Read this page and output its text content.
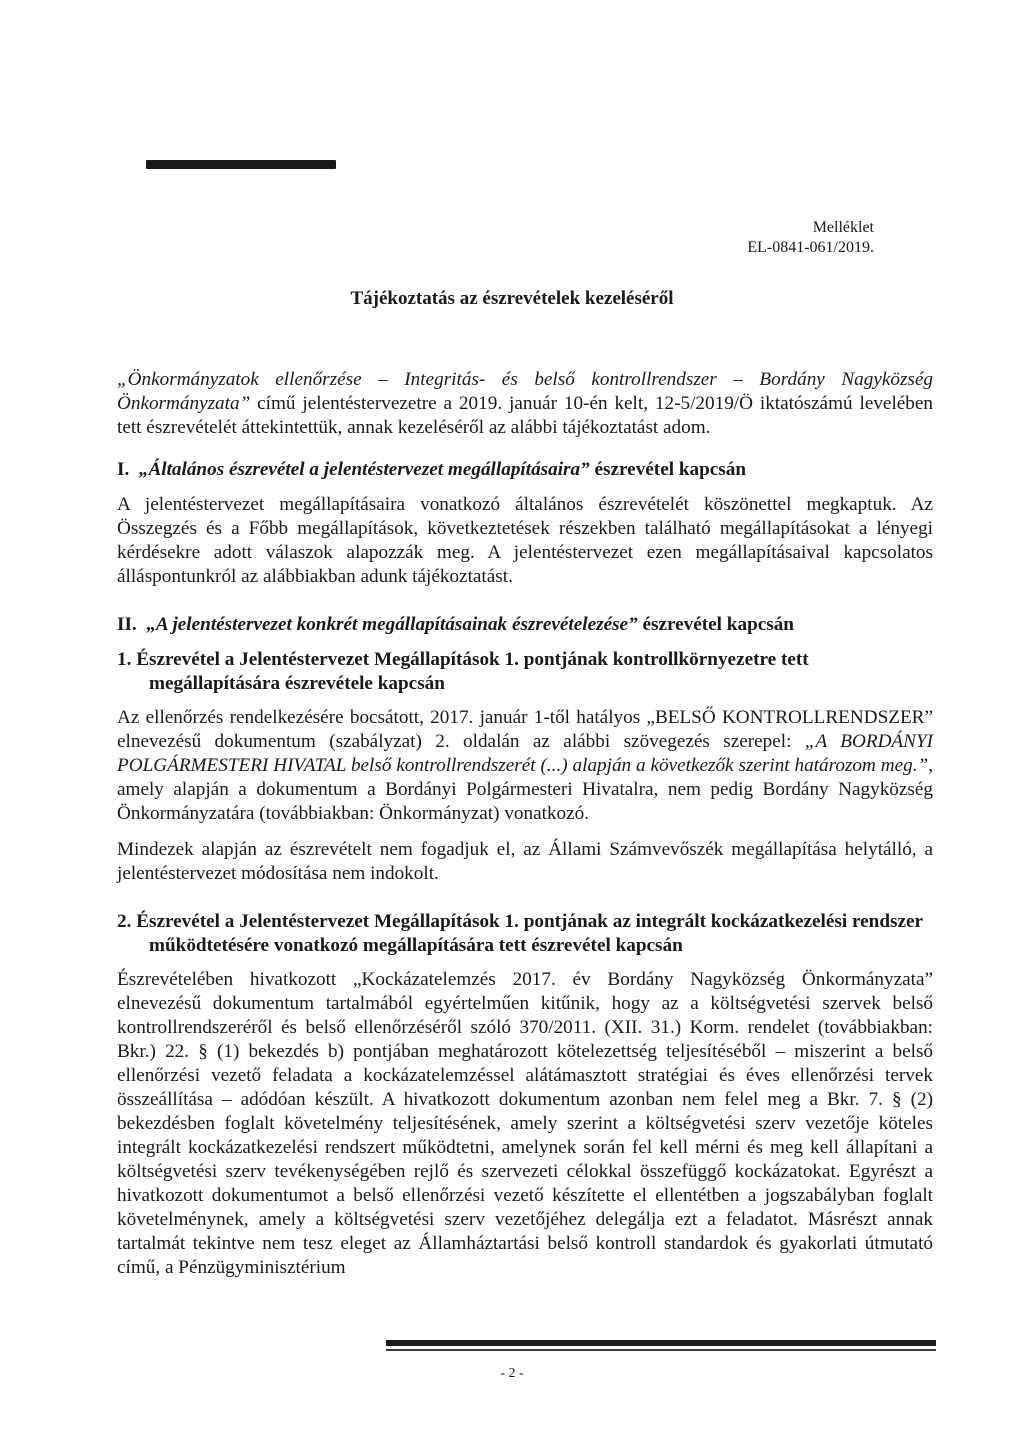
Melléklet
EL-0841-061/2019.
Tájékoztatás az észrevételek kezeléséről

„Önkormányzatok ellenőrzése – Integritás- és belső kontrollrendszer – Bordány Nagyközség Önkormányzata” című jelentéstervezetre a 2019. január 10-én kelt, 12-5/2019/Ö iktatószámú levelében tett észrevételét áttekintettük, annak kezeléséről az alábbi tájékoztatást adom.

I. „Általános észrevétel a jelentéstervezet megállapításaira” észrevétel kapcsán

A jelentéstervezet megállapításaira vonatkozó általános észrevételét köszönettel megkaptuk. Az Összegzés és a Főbb megállapítások, következtetések részekben található megállapításokat a lényegi kérdésekre adott válaszok alapozzák meg. A jelentéstervezet ezen megállapításaival kapcsolatos álláspontunkról az alábbiakban adunk tájékoztatást.

II. „A jelentéstervezet konkrét megállapításainak észrevételezése” észrevétel kapcsán

1. Észrevétel a Jelentéstervezet Megállapítások 1. pontjának kontrollkörnyezetre tett megállapítására észrevétele kapcsán

Az ellenőrzés rendelkezésére bocsátott, 2017. január 1-től hatályos „BELSŐ KONTROLLRENDSZER” elnevezésű dokumentum (szabályzat) 2. oldalán az alábbi szövegezés szerepel: „A BORDÁNYI POLGÁRMESTERI HIVATAL belső kontrollrendszerét (...) alapján a következők szerint határozom meg.”, amely alapján a dokumentum a Bordányi Polgármesteri Hivatalra, nem pedig Bordány Nagyközség Önkormányzatára (továbbiakban: Önkormányzat) vonatkozó.

Mindezek alapján az észrevételt nem fogadjuk el, az Állami Számvevőszék megállapítása helytálló, a jelentéstervezet módosítása nem indokolt.

2. Észrevétel a Jelentéstervezet Megállapítások 1. pontjának az integrált kockázatkezelési rendszer működtetésére vonatkozó megállapítására tett észrevétel kapcsán

Észrevételében hivatkozott „Kockázatelemzés 2017. év Bordány Nagyközség Önkormányzata” elnevezésű dokumentum tartalmából egyértelműen kitűnik, hogy az a költségvetési szervek belső kontrollrendszeréről és belső ellenőrzéséről szóló 370/2011. (XII. 31.) Korm. rendelet (továbbiakban: Bkr.) 22. § (1) bekezdés b) pontjában meghatározott kötelezettség teljesítéséből – miszerint a belső ellenőrzési vezető feladata a kockázatelemzéssel alátámasztott stratégiai és éves ellenőrzési tervek összeállítása – adódóan készült. A hivatkozott dokumentum azonban nem felel meg a Bkr. 7. § (2) bekezdésben foglalt követelmény teljesítésének, amely szerint a költségvetési szerv vezetője köteles integrált kockázatkezelési rendszert működtetni, amelynek során fel kell mérni és meg kell állapítani a költségvetési szerv tevékenységében rejlő és szervezeti célokkal összefüggő kockázatokat. Egyrészt a hivatkozott dokumentumot a belső ellenőrzési vezető készítette el ellentétben a jogszabályban foglalt követelménynek, amely a költségvetési szerv vezetőjéhez delegálja ezt a feladatot. Másrészt annak tartalmát tekintve nem tesz eleget az Államháztartási belső kontroll standardok és gyakorlati útmutató című, a Pénzügyminisztérium

- 2 -
